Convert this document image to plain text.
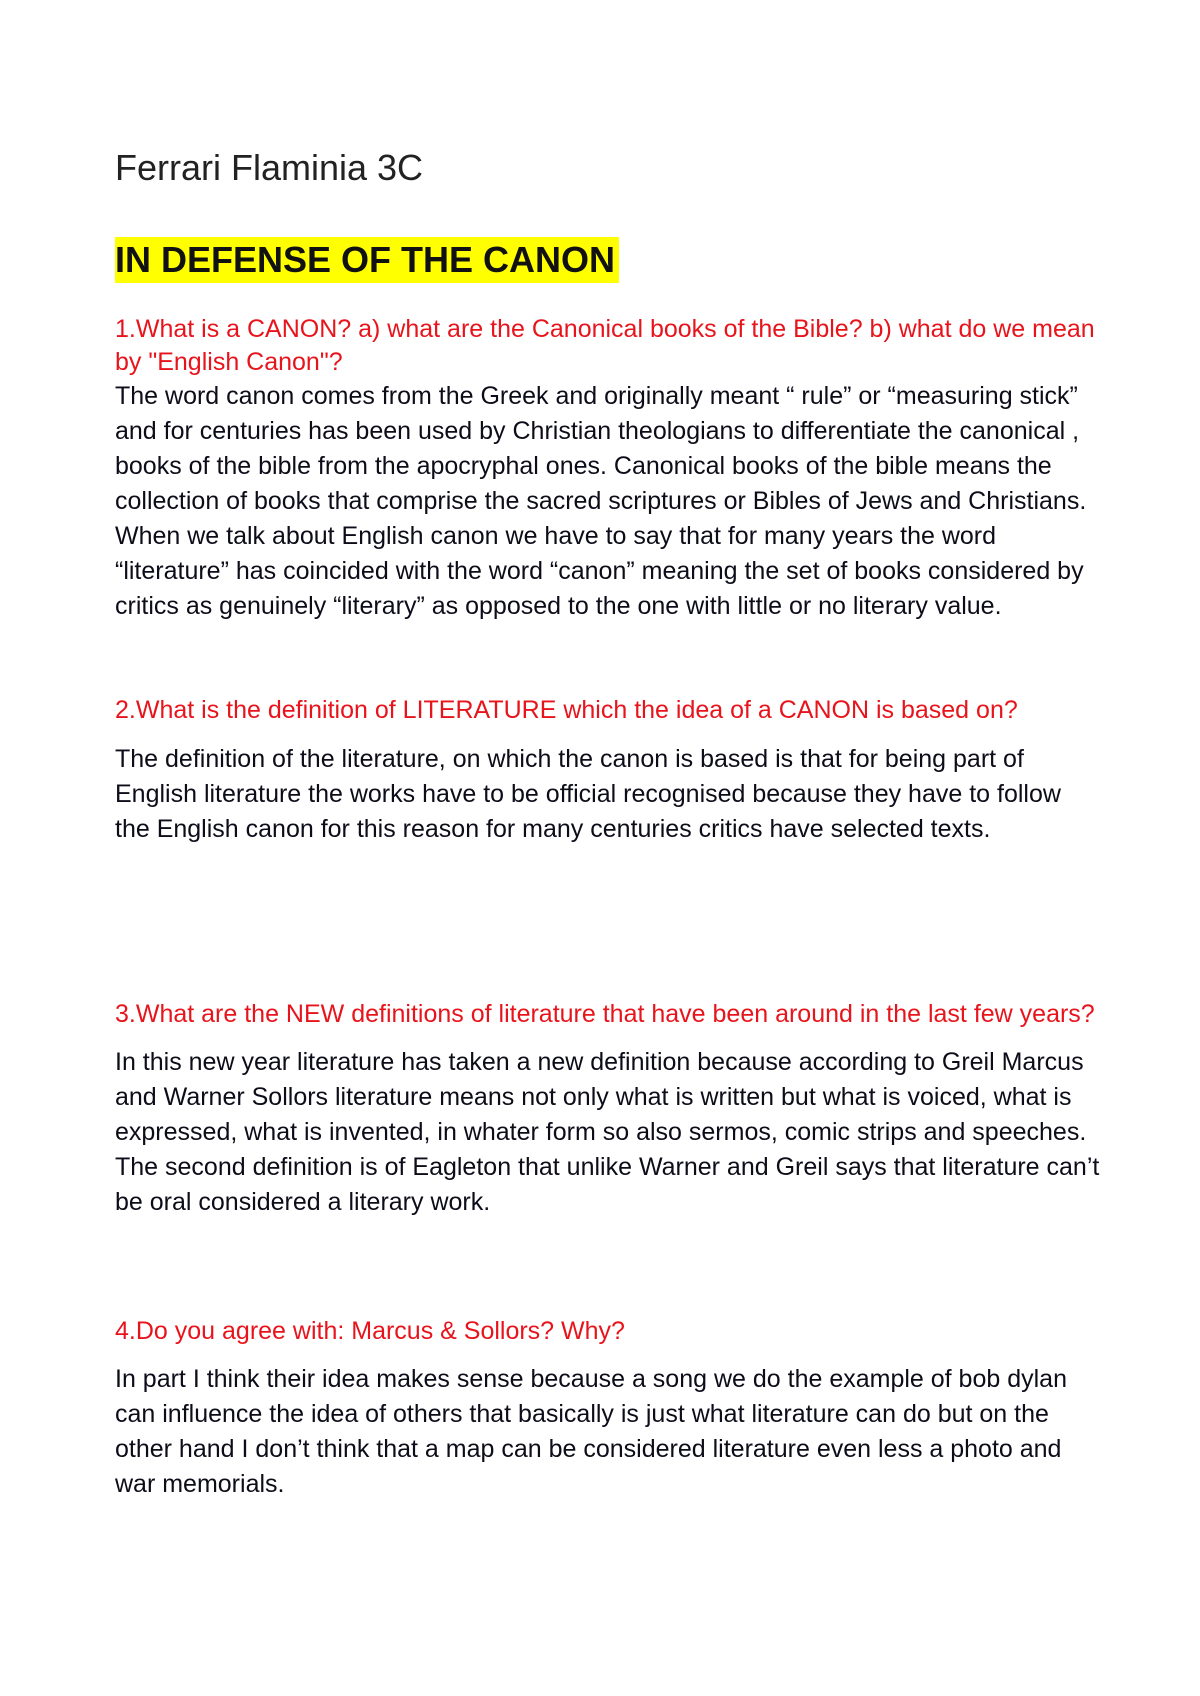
Ferrari Flaminia 3C
IN DEFENSE OF THE CANON

1.What is a CANON? a) what are the Canonical books of the Bible? b) what do we mean by "English Canon"?

The word canon comes from the Greek and originally meant “ rule” or “measuring stick” and for centuries has been used by Christian theologians to differentiate the canonical , books of the bible from the apocryphal ones. Canonical books of the bible means the collection of books that comprise the sacred scriptures or Bibles of Jews and Christians. When we talk about English canon we have to say that for many years the word “literature” has coincided with the word “canon” meaning the set of books considered by critics as genuinely “literary” as opposed to the one with little or no literary value.

2.What is the definition of LITERATURE which the idea of a CANON is based on?

The definition of the literature, on which the canon is based is that for being part of English literature the works have to be official recognised because they have to follow the English canon for this reason for many centuries critics have selected texts.

3.What are the NEW definitions of literature that have been around in the last few years?

In this new year literature has taken a new definition because according to Greil Marcus and Warner Sollors literature means not only what is written but what is voiced, what is expressed, what is invented, in whater form so also sermos, comic strips and speeches. The second definition is of Eagleton that unlike Warner and Greil says that literature can’t be oral considered a literary work.

4.Do you agree with: Marcus & Sollors? Why?

In part I think their idea makes sense because a song we do the example of bob dylan can influence the idea of others that basically is just what literature can do but on the other hand I don’t think that a map can be considered literature even less a photo and war memorials.
